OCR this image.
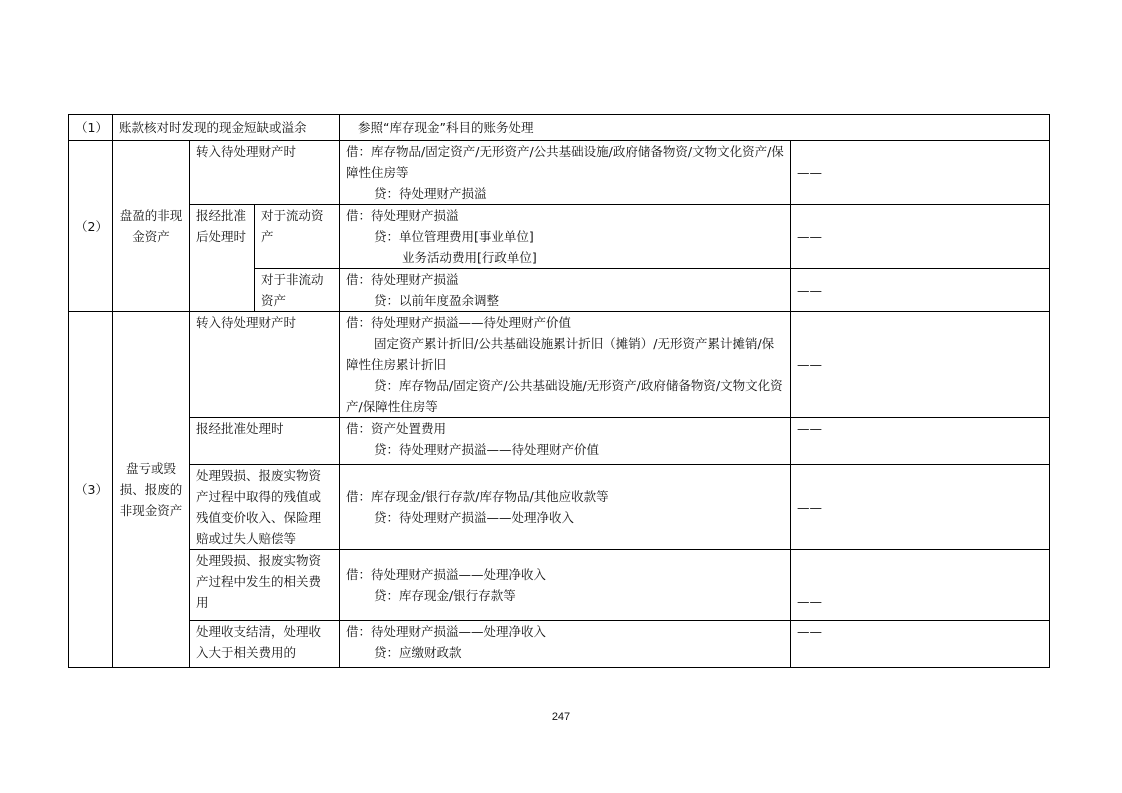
（1）	账款核对时发现的现金短缺或溢余			参照“库存现金”科目的账务处理	
（2）	盘盈的非现金资产	转入待处理财产时		借：库存物品/固定资产/无形资产/公共基础设施/政府储备物资/文物文化资产/保障性住房等
贷：待处理财产损溢	——
		报经批准后处理时	对于流动资产	借：待处理财产损溢
贷：单位管理费用[事业单位]
业务活动费用[行政单位]	——
			对于非流动资产	借：待处理财产损溢
贷：以前年度盈余调整	——
（3）	盘亏或毁损、报废的非现金资产	转入待处理财产时		借：待处理财产损溢——待处理财产价值
固定资产累计折旧/公共基础设施累计折旧（摊销）/无形资产累计摊销/保障性住房累计折旧
贷：库存物品/固定资产/公共基础设施/无形资产/政府储备物资/文物文化资产/保障性住房等	——
		报经批准处理时		借：资产处置费用
贷：待处理财产损溢——待处理财产价值	——
		处理毁损、报废实物资产过程中取得的残值或残值变价收入、保险理赔或过失人赔偿等		借：库存现金/银行存款/库存物品/其他应收款等
贷：待处理财产损溢——处理净收入	——
		处理毁损、报废实物资产过程中发生的相关费用		借：待处理财产损溢——处理净收入
贷：库存现金/银行存款等	——
		处理收支结清，处理收入大于相关费用的		借：待处理财产损溢——处理净收入
贷：应缴财政款	——
247
